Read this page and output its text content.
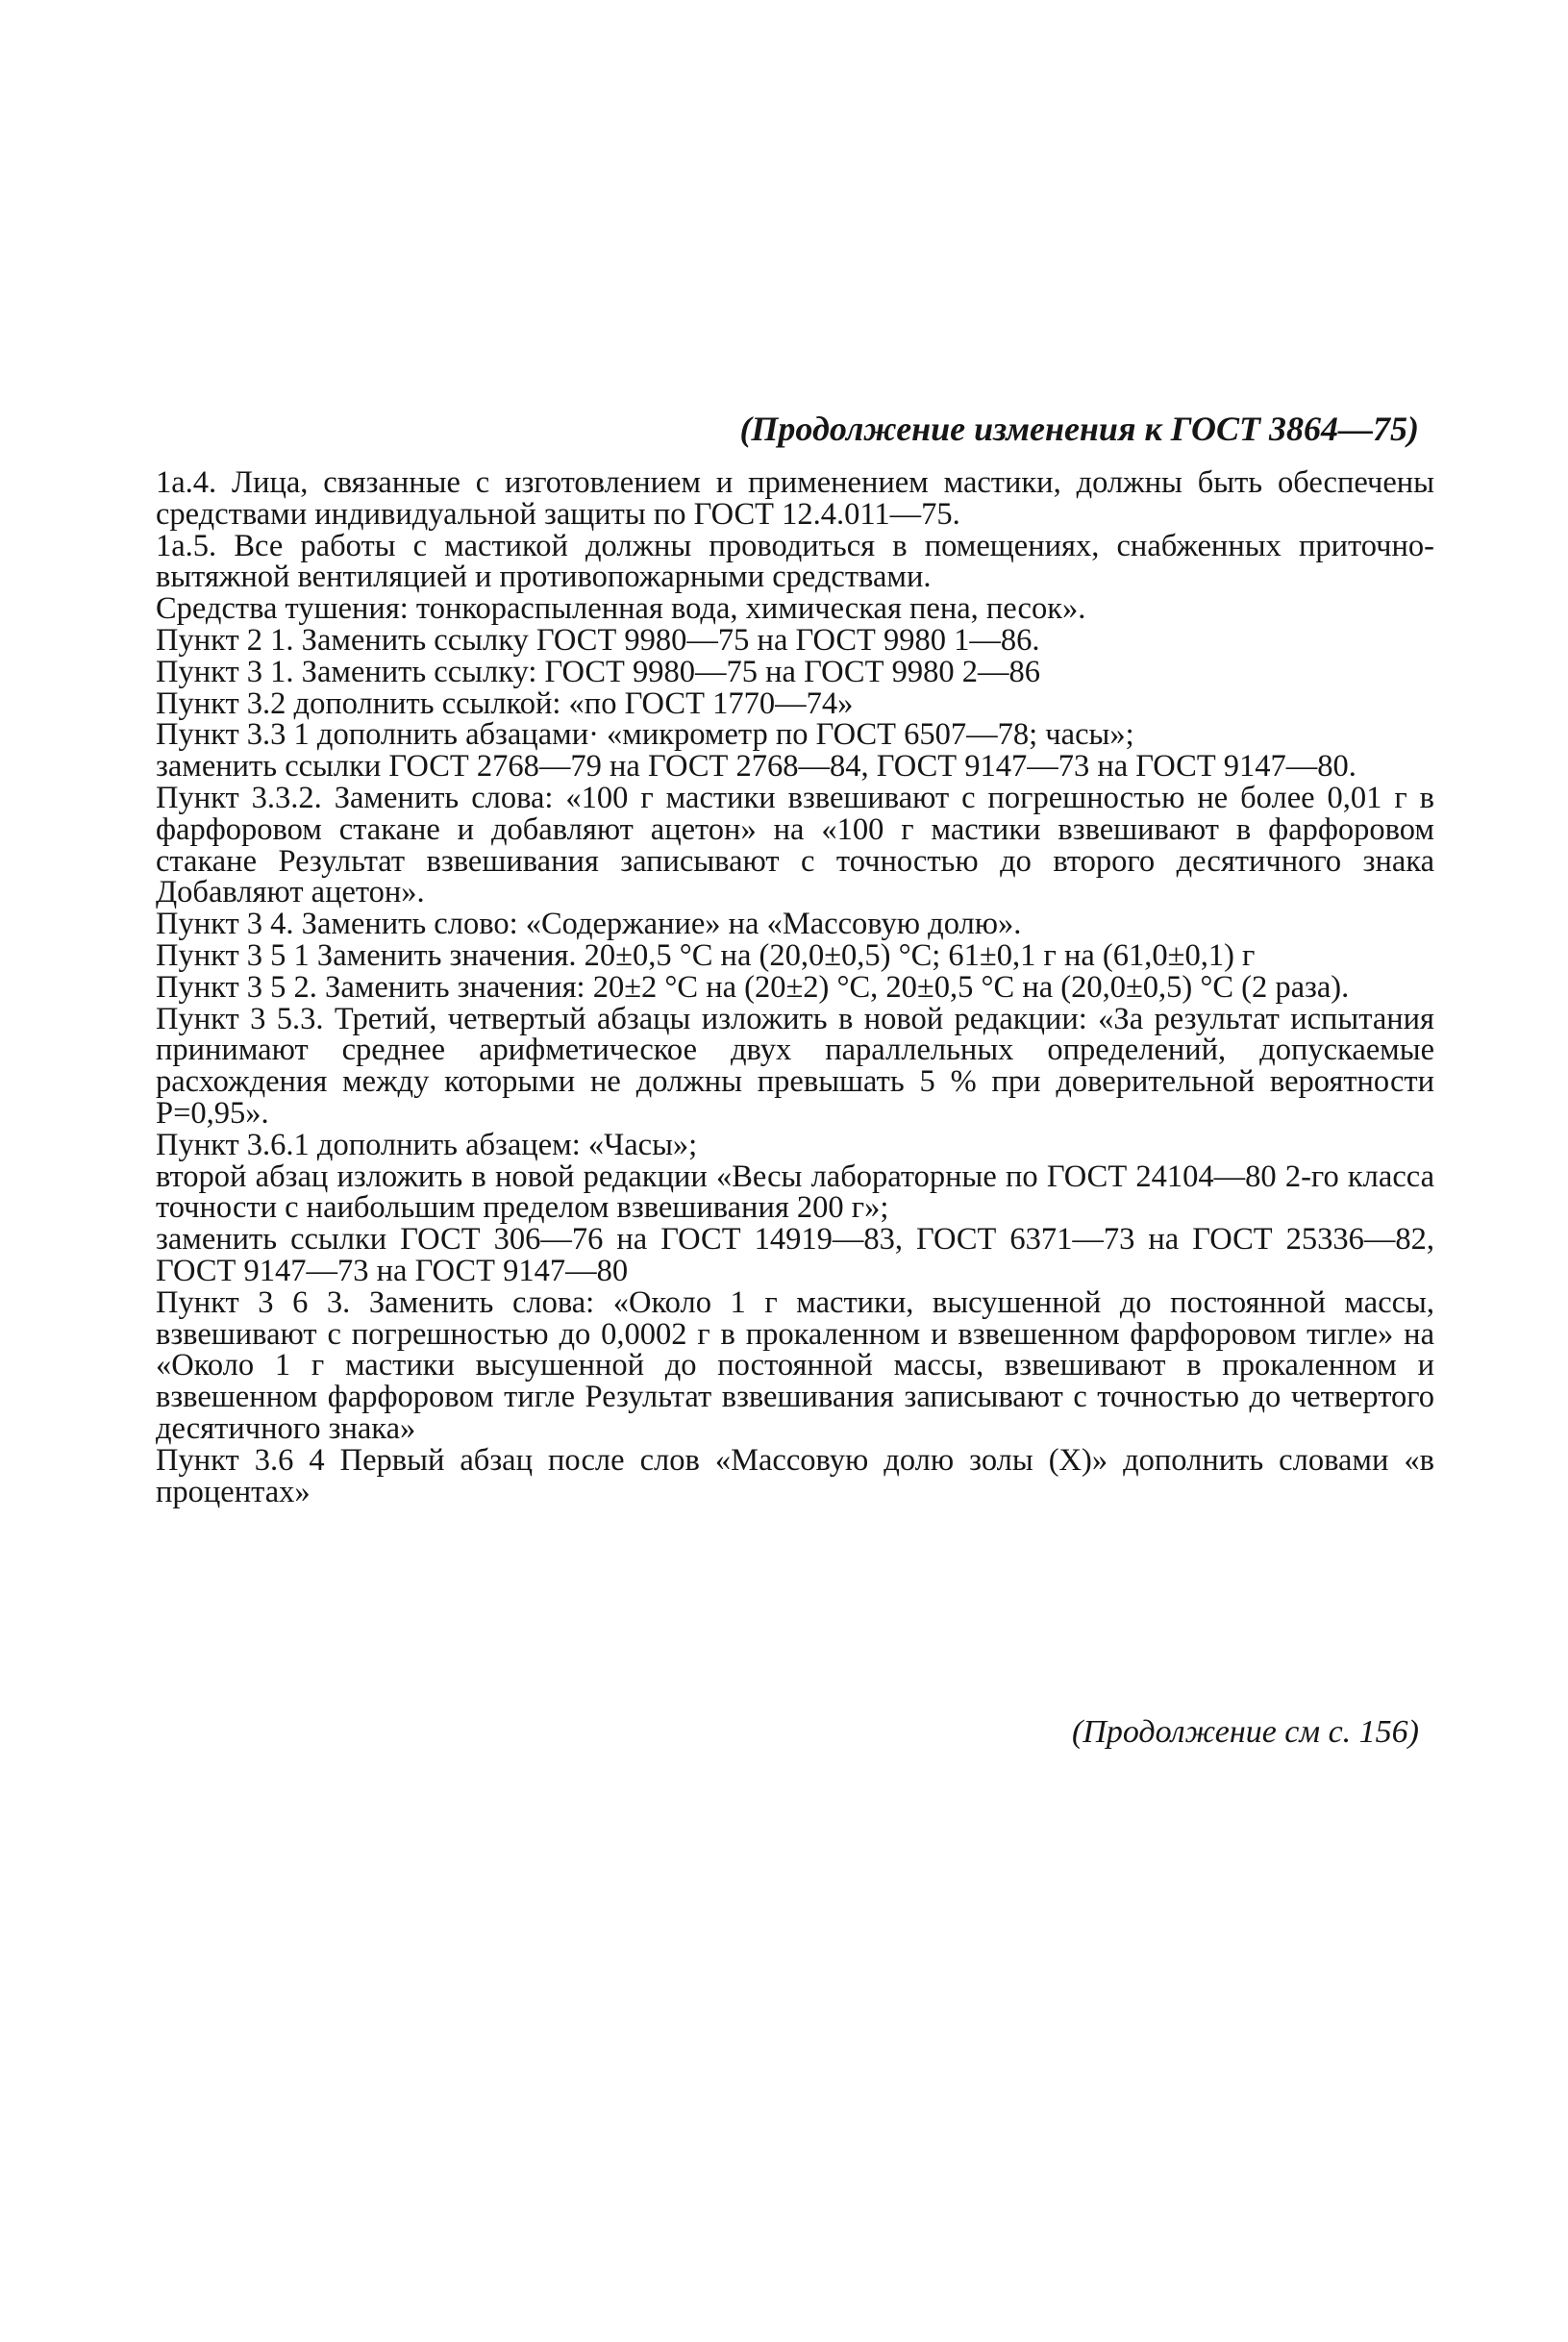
(Продолжение изменения к ГОСТ 3864—75)

1а.4. Лица, связанные с изготовлением и применением мастики, должны быть обеспечены средствами индивидуальной защиты по ГОСТ 12.4.011—75.

1а.5. Все работы с мастикой должны проводиться в помещениях, снабженных приточно-вытяжной вентиляцией и противопожарными средствами.

Средства тушения: тонкораспыленная вода, химическая пена, песок».

Пункт 2 1. Заменить ссылку ГОСТ 9980—75 на ГОСТ 9980 1—86.

Пункт 3 1. Заменить ссылку: ГОСТ 9980—75 на ГОСТ 9980 2—86

Пункт 3.2 дополнить ссылкой: «по ГОСТ 1770—74»

Пункт 3.3 1 дополнить абзацами· «микрометр по ГОСТ 6507—78; часы»;

заменить ссылки ГОСТ 2768—79 на ГОСТ 2768—84, ГОСТ 9147—73 на ГОСТ 9147—80.

Пункт 3.3.2. Заменить слова: «100 г мастики взвешивают с погрешностью не более 0,01 г в фарфоровом стакане и добавляют ацетон» на «100 г мастики взвешивают в фарфоровом стакане Результат взвешивания записывают с точностью до второго десятичного знака Добавляют ацетон».

Пункт 3 4. Заменить слово: «Содержание» на «Массовую долю».

Пункт 3 5 1 Заменить значения. 20±0,5 °С на (20,0±0,5) °С; 61±0,1 г на (61,0±0,1) г

Пункт 3 5 2. Заменить значения: 20±2 °С на (20±2) °С, 20±0,5 °С на (20,0±0,5) °С (2 раза).

Пункт 3 5.3. Третий, четвертый абзацы изложить в новой редакции: «За результат испытания принимают среднее арифметическое двух параллельных определений, допускаемые расхождения между которыми не должны превышать 5 % при доверительной вероятности P=0,95».

Пункт 3.6.1 дополнить абзацем: «Часы»;

второй абзац изложить в новой редакции «Весы лабораторные по ГОСТ 24104—80 2-го класса точности с наибольшим пределом взвешивания 200 г»;

заменить ссылки ГОСТ 306—76 на ГОСТ 14919—83, ГОСТ 6371—73 на ГОСТ 25336—82, ГОСТ 9147—73 на ГОСТ 9147—80

Пункт 3 6 3. Заменить слова: «Около 1 г мастики, высушенной до постоянной массы, взвешивают с погрешностью до 0,0002 г в прокаленном и взвешенном фарфоровом тигле» на «Около 1 г мастики высушенной до постоянной массы, взвешивают в прокаленном и взвешенном фарфоровом тигле Результат взвешивания записывают с точностью до четвертого десятичного знака»

Пункт 3.6 4 Первый абзац после слов «Массовую долю золы (X)» дополнить словами «в процентах»

(Продолжение см с. 156)
